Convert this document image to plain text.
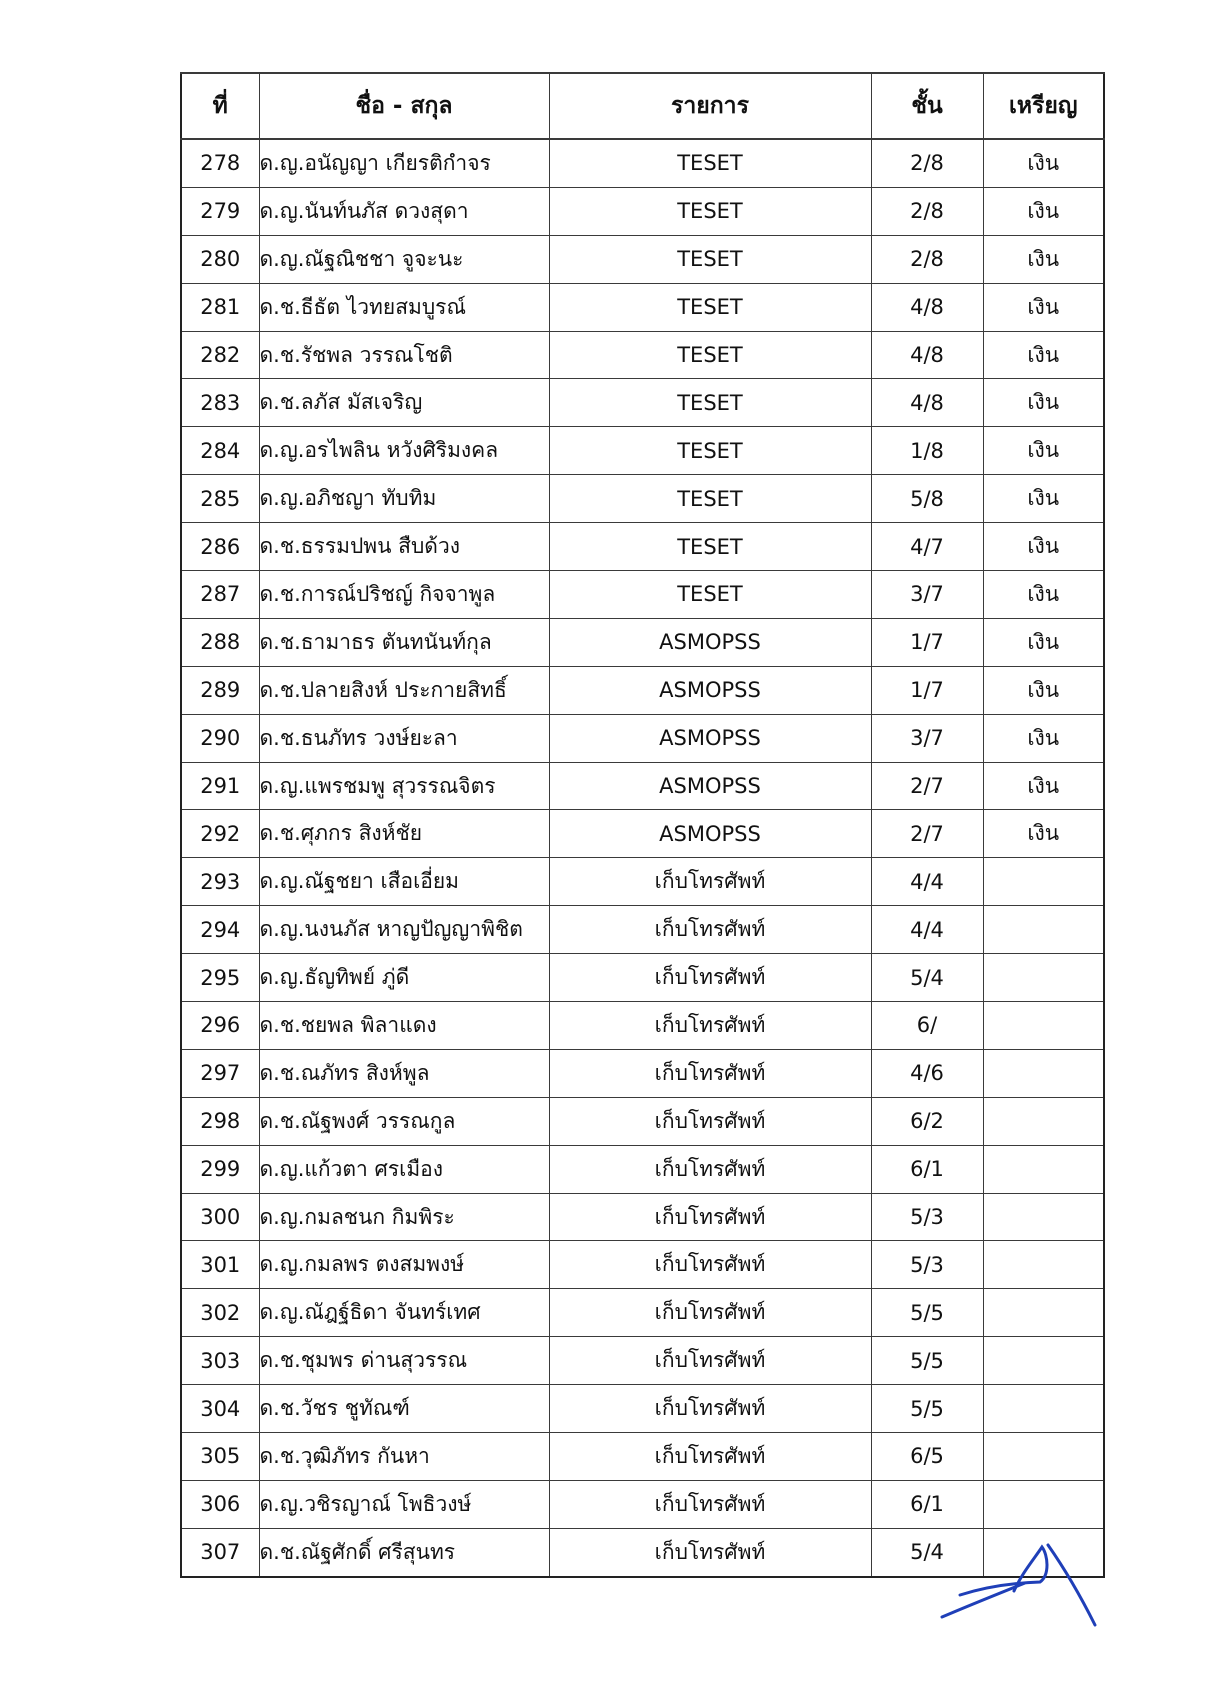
ที่	ชื่อ - สกุล	รายการ	ชั้น	เหรียญ
278	ด.ญ.อนัญญา เกียรติกำจร	TESET	2/8	เงิน
279	ด.ญ.นันท์นภัส ดวงสุดา	TESET	2/8	เงิน
280	ด.ญ.ณัฐณิชชา จูจะนะ	TESET	2/8	เงิน
281	ด.ช.ธีธัต ไวทยสมบูรณ์	TESET	4/8	เงิน
282	ด.ช.รัชพล วรรณโชติ	TESET	4/8	เงิน
283	ด.ช.ลภัส มัสเจริญ	TESET	4/8	เงิน
284	ด.ญ.อรไพลิน หวังศิริมงคล	TESET	1/8	เงิน
285	ด.ญ.อภิชญา ทับทิม	TESET	5/8	เงิน
286	ด.ช.ธรรมปพน สืบด้วง	TESET	4/7	เงิน
287	ด.ช.การณ์ปริชญ์ กิจจาพูล	TESET	3/7	เงิน
288	ด.ช.ธามาธร ตันทนันท์กุล	ASMOPSS	1/7	เงิน
289	ด.ช.ปลายสิงห์ ประกายสิทธิ์	ASMOPSS	1/7	เงิน
290	ด.ช.ธนภัทร วงษ์ยะลา	ASMOPSS	3/7	เงิน
291	ด.ญ.แพรชมพู สุวรรณจิตร	ASMOPSS	2/7	เงิน
292	ด.ช.ศุภกร สิงห์ชัย	ASMOPSS	2/7	เงิน
293	ด.ญ.ณัฐชยา เสือเอี่ยม	เก็บโทรศัพท์	4/4	
294	ด.ญ.นงนภัส หาญปัญญาพิชิต	เก็บโทรศัพท์	4/4	
295	ด.ญ.ธัญทิพย์ ภู่ดี	เก็บโทรศัพท์	5/4	
296	ด.ช.ชยพล พิลาแดง	เก็บโทรศัพท์	6/	
297	ด.ช.ณภัทร สิงห์พูล	เก็บโทรศัพท์	4/6	
298	ด.ช.ณัฐพงศ์ วรรณกูล	เก็บโทรศัพท์	6/2	
299	ด.ญ.แก้วตา ศรเมือง	เก็บโทรศัพท์	6/1	
300	ด.ญ.กมลชนก กิมพิระ	เก็บโทรศัพท์	5/3	
301	ด.ญ.กมลพร ตงสมพงษ์	เก็บโทรศัพท์	5/3	
302	ด.ญ.ณัฎฐ์ธิดา จันทร์เทศ	เก็บโทรศัพท์	5/5	
303	ด.ช.ชุมพร ด่านสุวรรณ	เก็บโทรศัพท์	5/5	
304	ด.ช.วัชร ชูทัณฑ์	เก็บโทรศัพท์	5/5	
305	ด.ช.วุฒิภัทร กันหา	เก็บโทรศัพท์	6/5	
306	ด.ญ.วชิรญาณ์ โพธิวงษ์	เก็บโทรศัพท์	6/1	
307	ด.ช.ณัฐศักดิ์ ศรีสุนทร	เก็บโทรศัพท์	5/4	
